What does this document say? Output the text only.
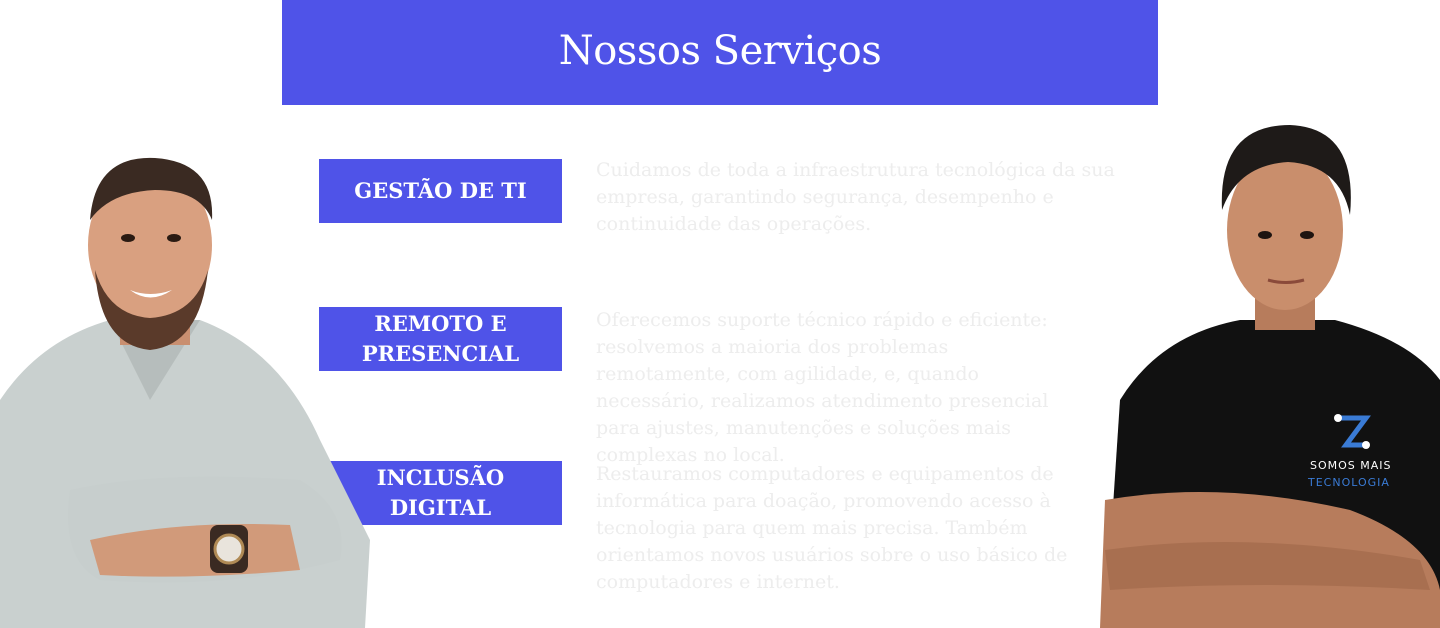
Nossos Serviços
GESTÃO DE TI

Cuidamos de toda a infraestrutura tecnológica da sua empresa, garantindo segurança, desempenho e continuidade das operações.

REMOTO E
PRESENCIAL

Oferecemos suporte técnico rápido e eficiente: resolvemos a maioria dos problemas remotamente, com agilidade, e, quando necessário, realizamos atendimento presencial para ajustes, manutenções e soluções mais complexas no local.

INCLUSÃO
DIGITAL

Restauramos computadores e equipamentos de informática para doação, promovendo acesso à tecnologia para quem mais precisa. Também orientamos novos usuários sobre o uso básico de computadores e internet.

SOMOS MAIS
TECNOLOGIA
